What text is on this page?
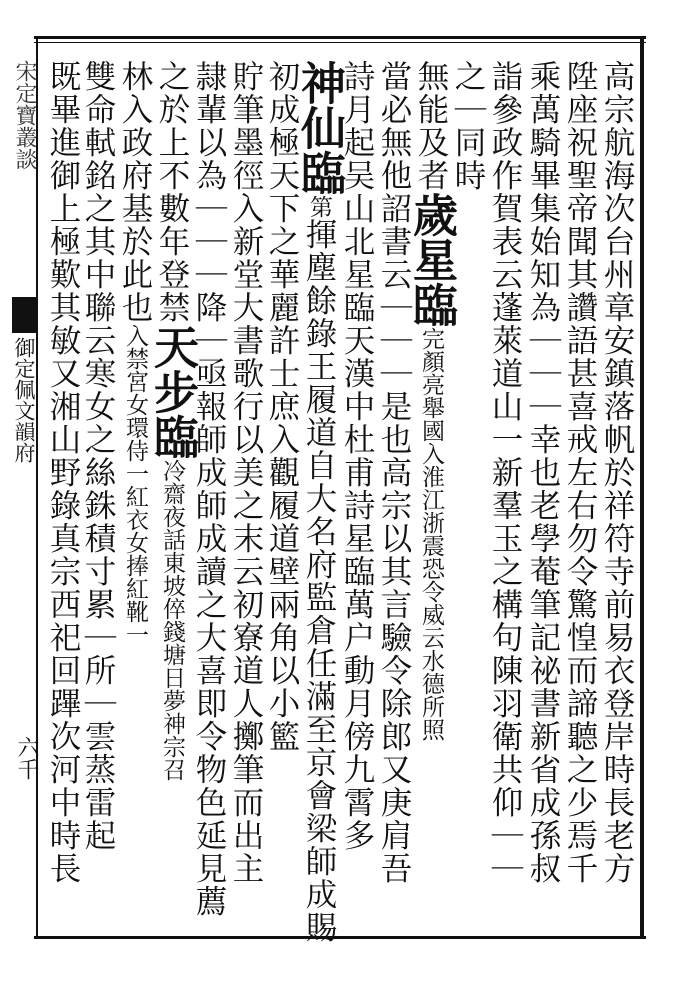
宋定寶叢談
御定佩文韻府
六千	高宗航海次台州章安鎮落帆於祥符寺前易衣登岸時長老方
陞座祝聖帝聞其讚語甚喜戒左右勿令驚惶而諦聽之少焉千
乘萬騎畢集始知為｜｜｜幸也老學菴筆記祕書新省成孫叔
詣參政作賀表云蓬萊道山一新羣玉之構句陳羽衛共仰｜｜
之｜同時
無能及者歲星臨完顏亮舉國入淮江浙震恐令威云水德所照
當必無他詔書云｜｜｜是也高宗以其言驗令除郎又庚肩吾
詩月起吴山北星臨天漢中杜甫詩星臨萬户動月傍九霄多
神仙臨第揮塵餘錄王履道自大名府監倉任滿至京會梁師成賜
初成極天下之華麗許士庶入觀履道壁兩角以小籃
貯筆墨徑入新堂大書歌行以美之末云初寮道人擲筆而出主
隷輩以為｜｜｜降｜亟報師成師成讀之大喜即令物色延見薦
之於上不數年登禁天步臨冷齋夜話東坡倅錢塘日夢神宗召
林入政府基於此也入禁宮女環侍一紅衣女捧紅靴一
雙命軾銘之其中聯云寒女之絲銖積寸累｜所｜雲蒸雷起
既畢進御上極歎其敏又湘山野錄真宗西祀回蹕次河中時長
